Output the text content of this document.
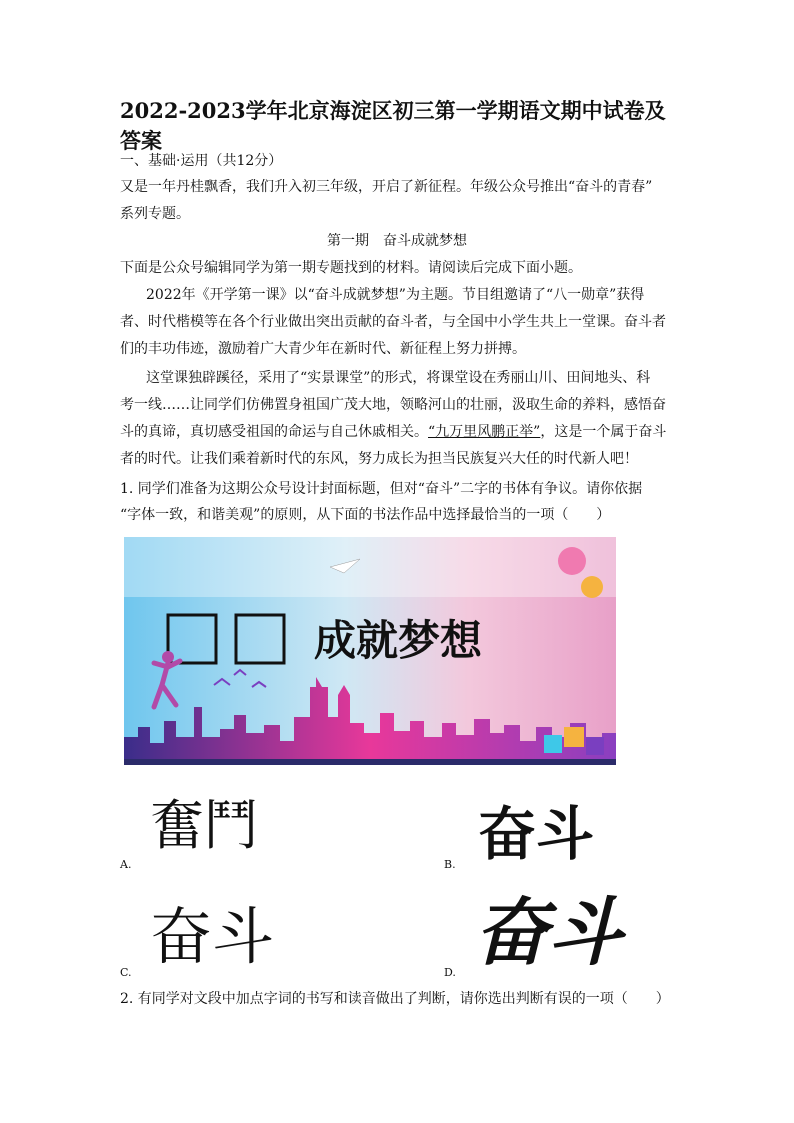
2022-2023学年北京海淀区初三第一学期语文期中试卷及答案
一、基础·运用（共12分）
又是一年丹桂飘香，我们升入初三年级，开启了新征程。年级公众号推出“奋斗的青春”
系列专题。
第一期　奋斗成就梦想
下面是公众号编辑同学为第一期专题找到的材料。请阅读后完成下面小题。
2022年《开学第一课》以“奋斗成就梦想”为主题。节目组邀请了“八一勋章”获得
者、时代楷模等在各个行业做出突出贡献的奋斗者，与全国中小学生共上一堂课。奋斗者
们的丰功伟迹，激励着广大青少年在新时代、新征程上努力拼搏。
这堂课独辟蹊径，采用了“实景课堂”的形式，将课堂设在秀丽山川、田间地头、科
考一线……让同学们仿佛置身祖国广茂大地，领略河山的壮丽，汲取生命的养料，感悟奋
斗的真谛，真切感受祖国的命运与自己休戚相关。“九万里风鹏正举”，这是一个属于奋斗
者的时代。让我们乘着新时代的东风，努力成长为担当民族复兴大任的时代新人吧！
1. 同学们准备为这期公众号设计封面标题，但对“奋斗”二字的书体有争议。请你依据
“字体一致，和谐美观”的原则，从下面的书法作品中选择最恰当的一项（　　）
成就梦想
奮鬥
A.	奋斗
B.
奋斗
C.	奋斗
D.
2. 有同学对文段中加点字词的书写和读音做出了判断，请你选出判断有误的一项（　　）
